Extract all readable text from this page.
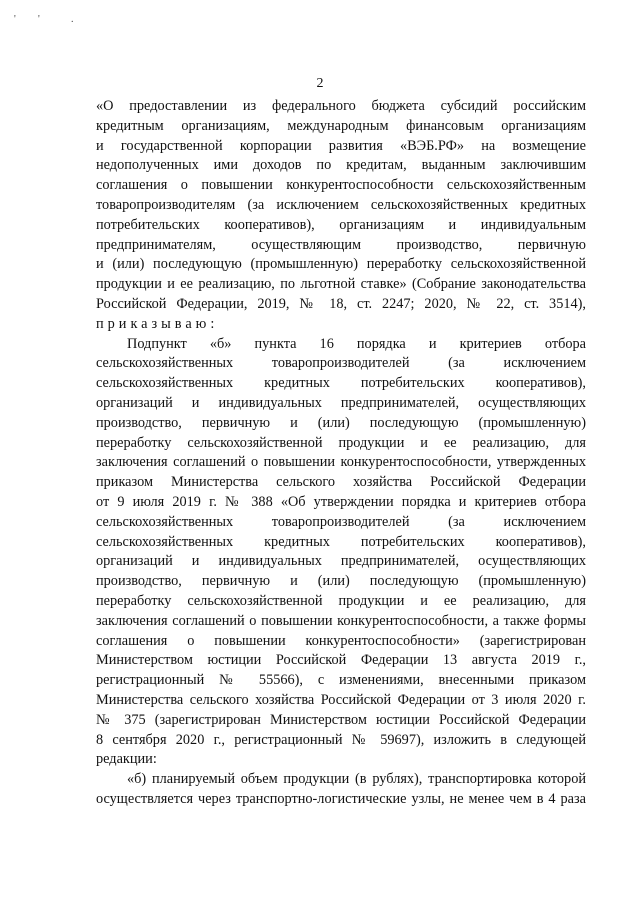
' '	.
2
«О предоставлении из федерального бюджета субсидий российским
кредитным организациям, международным финансовым организациям
и государственной корпорации развития «ВЭБ.РФ» на возмещение
недополученных ими доходов по кредитам, выданным заключившим
соглашения о повышении конкурентоспособности сельскохозяйственным
товаропроизводителям (за исключением сельскохозяйственных кредитных
потребительских кооперативов), организациям и индивидуальным
предпринимателям, осуществляющим производство, первичную
и (или) последующую (промышленную) переработку сельскохозяйственной
продукции и ее реализацию, по льготной ставке» (Собрание законодательства
Российской Федерации, 2019, № 18, ст. 2247; 2020, № 22, ст. 3514),
приказываю:
Подпункт «б» пункта 16 порядка и критериев отбора
сельскохозяйственных товаропроизводителей (за исключением
сельскохозяйственных кредитных потребительских кооперативов),
организаций и индивидуальных предпринимателей, осуществляющих
производство, первичную и (или) последующую (промышленную)
переработку сельскохозяйственной продукции и ее реализацию, для
заключения соглашений о повышении конкурентоспособности, утвержденных
приказом Министерства сельского хозяйства Российской Федерации
от 9 июля 2019 г. № 388 «Об утверждении порядка и критериев отбора
сельскохозяйственных товаропроизводителей (за исключением
сельскохозяйственных кредитных потребительских кооперативов),
организаций и индивидуальных предпринимателей, осуществляющих
производство, первичную и (или) последующую (промышленную)
переработку сельскохозяйственной продукции и ее реализацию, для
заключения соглашений о повышении конкурентоспособности, а также формы
соглашения о повышении конкурентоспособности» (зарегистрирован
Министерством юстиции Российской Федерации 13 августа 2019 г.,
регистрационный № 55566), с изменениями, внесенными приказом
Министерства сельского хозяйства Российской Федерации от 3 июля 2020 г.
№ 375 (зарегистрирован Министерством юстиции Российской Федерации
8 сентября 2020 г., регистрационный № 59697), изложить в следующей
редакции:
«б) планируемый объем продукции (в рублях), транспортировка которой
осуществляется через транспортно-логистические узлы, не менее чем в 4 раза
